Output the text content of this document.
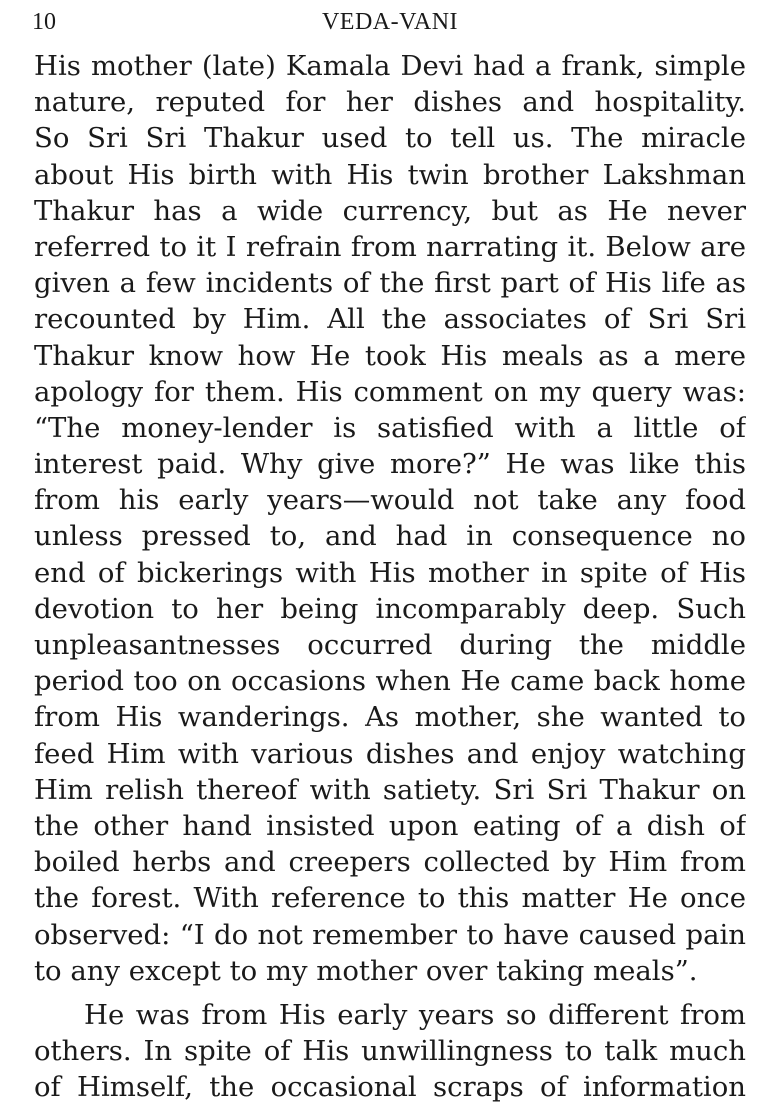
10	VEDA-VANI
His mother (late) Kamala Devi had a frank, simple
nature, reputed for her dishes and hospitality.
So Sri Sri Thakur used to tell us. The miracle
about His birth with His twin brother Lakshman
Thakur has a wide currency, but as He never
referred to it I refrain from narrating it. Below are
given a few incidents of the first part of His life as
recounted by Him. All the associates of Sri Sri
Thakur know how He took His meals as a mere
apology for them. His comment on my query was:
“The money-lender is satisfied with a little of
interest paid. Why give more?” He was like this
from his early years—would not take any food
unless pressed to, and had in consequence no
end of bickerings with His mother in spite of His
devotion to her being incomparably deep. Such
unpleasantnesses occurred during the middle
period too on occasions when He came back home
from His wanderings. As mother, she wanted to
feed Him with various dishes and enjoy watching
Him relish thereof with satiety. Sri Sri Thakur on
the other hand insisted upon eating of a dish of
boiled herbs and creepers collected by Him from
the forest. With reference to this matter He once
observed: “I do not remember to have caused pain
to any except to my mother over taking meals”.
He was from His early years so different from
others. In spite of His unwillingness to talk much
of Himself, the occasional scraps of information
